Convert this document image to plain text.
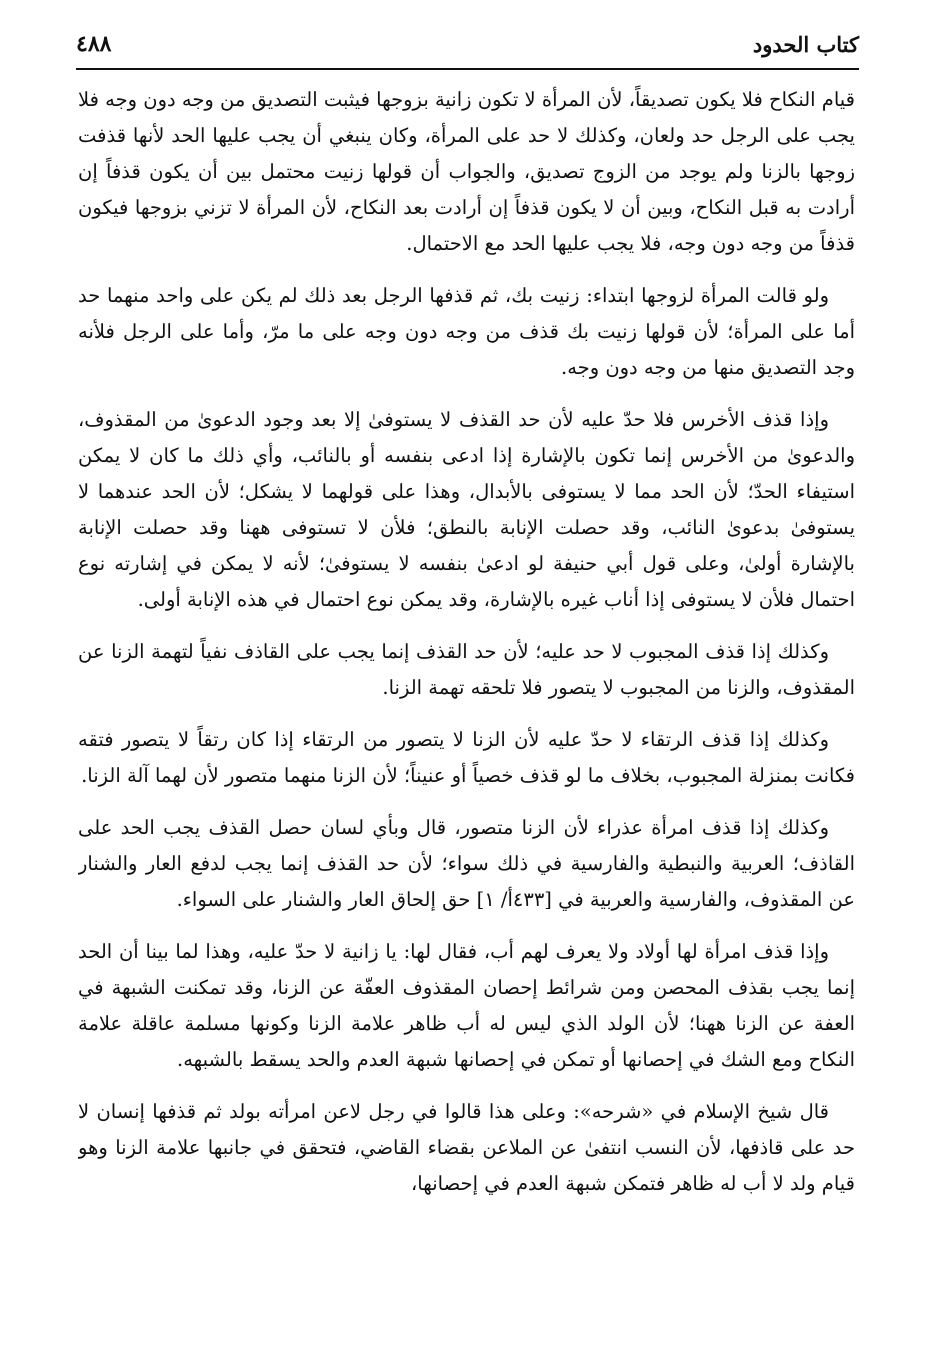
كتاب الحدود
٤٨٨

قيام النكاح فلا يكون تصديقاً، لأن المرأة لا تكون زانية بزوجها فيثبت التصديق من وجه دون وجه فلا يجب على الرجل حد ولعان، وكذلك لا حد على المرأة، وكان ينبغي أن يجب عليها الحد لأنها قذفت زوجها بالزنا ولم يوجد من الزوج تصديق، والجواب أن قولها زنيت محتمل بين أن يكون قذفاً إن أرادت به قبل النكاح، وبين أن لا يكون قذفاً إن أرادت بعد النكاح، لأن المرأة لا تزني بزوجها فيكون قذفاً من وجه دون وجه، فلا يجب عليها الحد مع الاحتمال.

ولو قالت المرأة لزوجها ابتداء: زنيت بك، ثم قذفها الرجل بعد ذلك لم يكن على واحد منهما حد أما على المرأة؛ لأن قولها زنيت بك قذف من وجه دون وجه على ما مرّ، وأما على الرجل فلأنه وجد التصديق منها من وجه دون وجه.

وإذا قذف الأخرس فلا حدّ عليه لأن حد القذف لا يستوفىٰ إلا بعد وجود الدعوىٰ من المقذوف، والدعوىٰ من الأخرس إنما تكون بالإشارة إذا ادعى بنفسه أو بالنائب، وأي ذلك ما كان لا يمكن استيفاء الحدّ؛ لأن الحد مما لا يستوفى بالأبدال، وهذا على قولهما لا يشكل؛ لأن الحد عندهما لا يستوفىٰ بدعوىٰ النائب، وقد حصلت الإنابة بالنطق؛ فلأن لا تستوفى ههنا وقد حصلت الإنابة بالإشارة أولىٰ، وعلى قول أبي حنيفة لو ادعىٰ بنفسه لا يستوفىٰ؛ لأنه لا يمكن في إشارته نوع احتمال فلأن لا يستوفى إذا أناب غيره بالإشارة، وقد يمكن نوع احتمال في هذه الإنابة أولى.

وكذلك إذا قذف المجبوب لا حد عليه؛ لأن حد القذف إنما يجب على القاذف نفياً لتهمة الزنا عن المقذوف، والزنا من المجبوب لا يتصور فلا تلحقه تهمة الزنا.

وكذلك إذا قذف الرتقاء لا حدّ عليه لأن الزنا لا يتصور من الرتقاء إذا كان رتقاً لا يتصور فتقه فكانت بمنزلة المجبوب، بخلاف ما لو قذف خصياً أو عنيناً؛ لأن الزنا منهما متصور لأن لهما آلة الزنا.

وكذلك إذا قذف امرأة عذراء لأن الزنا متصور، قال وبأي لسان حصل القذف يجب الحد على القاذف؛ العربية والنبطية والفارسية في ذلك سواء؛ لأن حد القذف إنما يجب لدفع العار والشنار عن المقذوف، والفارسية والعربية في [٤٣٣أ/ ١] حق إلحاق العار والشنار على السواء.

وإذا قذف امرأة لها أولاد ولا يعرف لهم أب، فقال لها: يا زانية لا حدّ عليه، وهذا لما بينا أن الحد إنما يجب بقذف المحصن ومن شرائط إحصان المقذوف العفّة عن الزنا، وقد تمكنت الشبهة في العفة عن الزنا ههنا؛ لأن الولد الذي ليس له أب ظاهر علامة الزنا وكونها مسلمة عاقلة علامة النكاح ومع الشك في إحصانها أو تمكن في إحصانها شبهة العدم والحد يسقط بالشبهه.

قال شيخ الإسلام في «شرحه»: وعلى هذا قالوا في رجل لاعن امرأته بولد ثم قذفها إنسان لا حد على قاذفها، لأن النسب انتفىٰ عن الملاعن بقضاء القاضي، فتحقق في جانبها علامة الزنا وهو قيام ولد لا أب له ظاهر فتمكن شبهة العدم في إحصانها،
